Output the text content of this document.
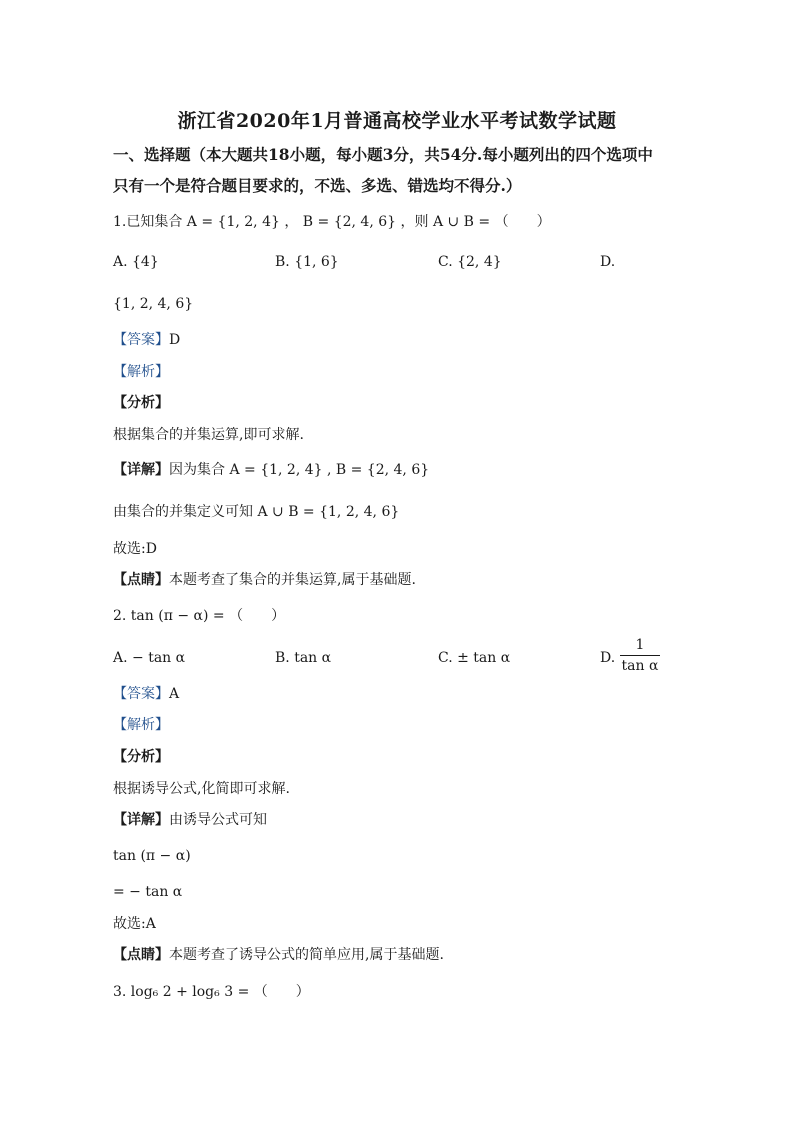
浙江省2020年1月普通高校学业水平考试数学试题
一、选择题（本大题共18小题，每小题3分，共54分.每小题列出的四个选项中
只有一个是符合题目要求的，不选、多选、错选均不得分.）
1.已知集合 A = {1, 2, 4} ， B = {2, 4, 6} ，则 A ∪ B = （　　）
A. {4}	B. {1, 6}	C. {2, 4}	D.
{1, 2, 4, 6}
【答案】D
【解析】
【分析】
根据集合的并集运算,即可求解.
【详解】因为集合 A = {1, 2, 4} , B = {2, 4, 6}
由集合的并集定义可知 A ∪ B = {1, 2, 4, 6}
故选:D
【点睛】本题考查了集合的并集运算,属于基础题.
2. tan (π − α) = （　　）
A. − tan α	B. tan α	C. ± tan α	D.
1
tan α
【答案】A
【解析】
【分析】
根据诱导公式,化简即可求解.
【详解】由诱导公式可知
tan (π − α)
= − tan α
故选:A
【点睛】本题考查了诱导公式的简单应用,属于基础题.
3. log₆ 2 + log₆ 3 = （　　）
